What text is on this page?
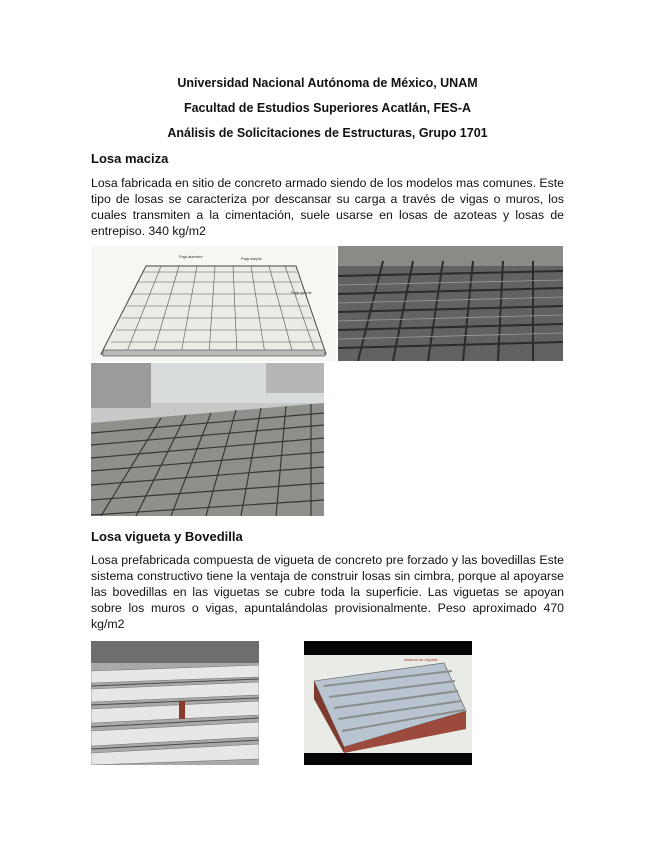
Universidad Nacional Autónoma de México, UNAM
Facultad de Estudios Superiores Acatlán, FES-A
Análisis de Solicitaciones de Estructuras, Grupo 1701
Losa maciza
Losa fabricada en sitio de concreto armado siendo de los modelos mas comunes. Este tipo de losas se caracteriza por descansar su carga a través de vigas o muros, los cuales transmiten a la cimentación, suele usarse en losas de azoteas y losas de entrepiso. 340 kg/m2
Paja alambre	Paja simple
Paja simple
Losa vigueta y Bovedilla
Losa prefabricada compuesta de vigueta de concreto pre forzado y las bovedillas Este sistema constructivo tiene la ventaja de construir losas sin cimbra, porque al apoyarse las bovedillas en las viguetas se cubre toda la superficie. Las viguetas se apoyan sobre los muros o vigas, apuntalándolas provisionalmente. Peso aproximado 470 kg/m2
sistema de vigueta
